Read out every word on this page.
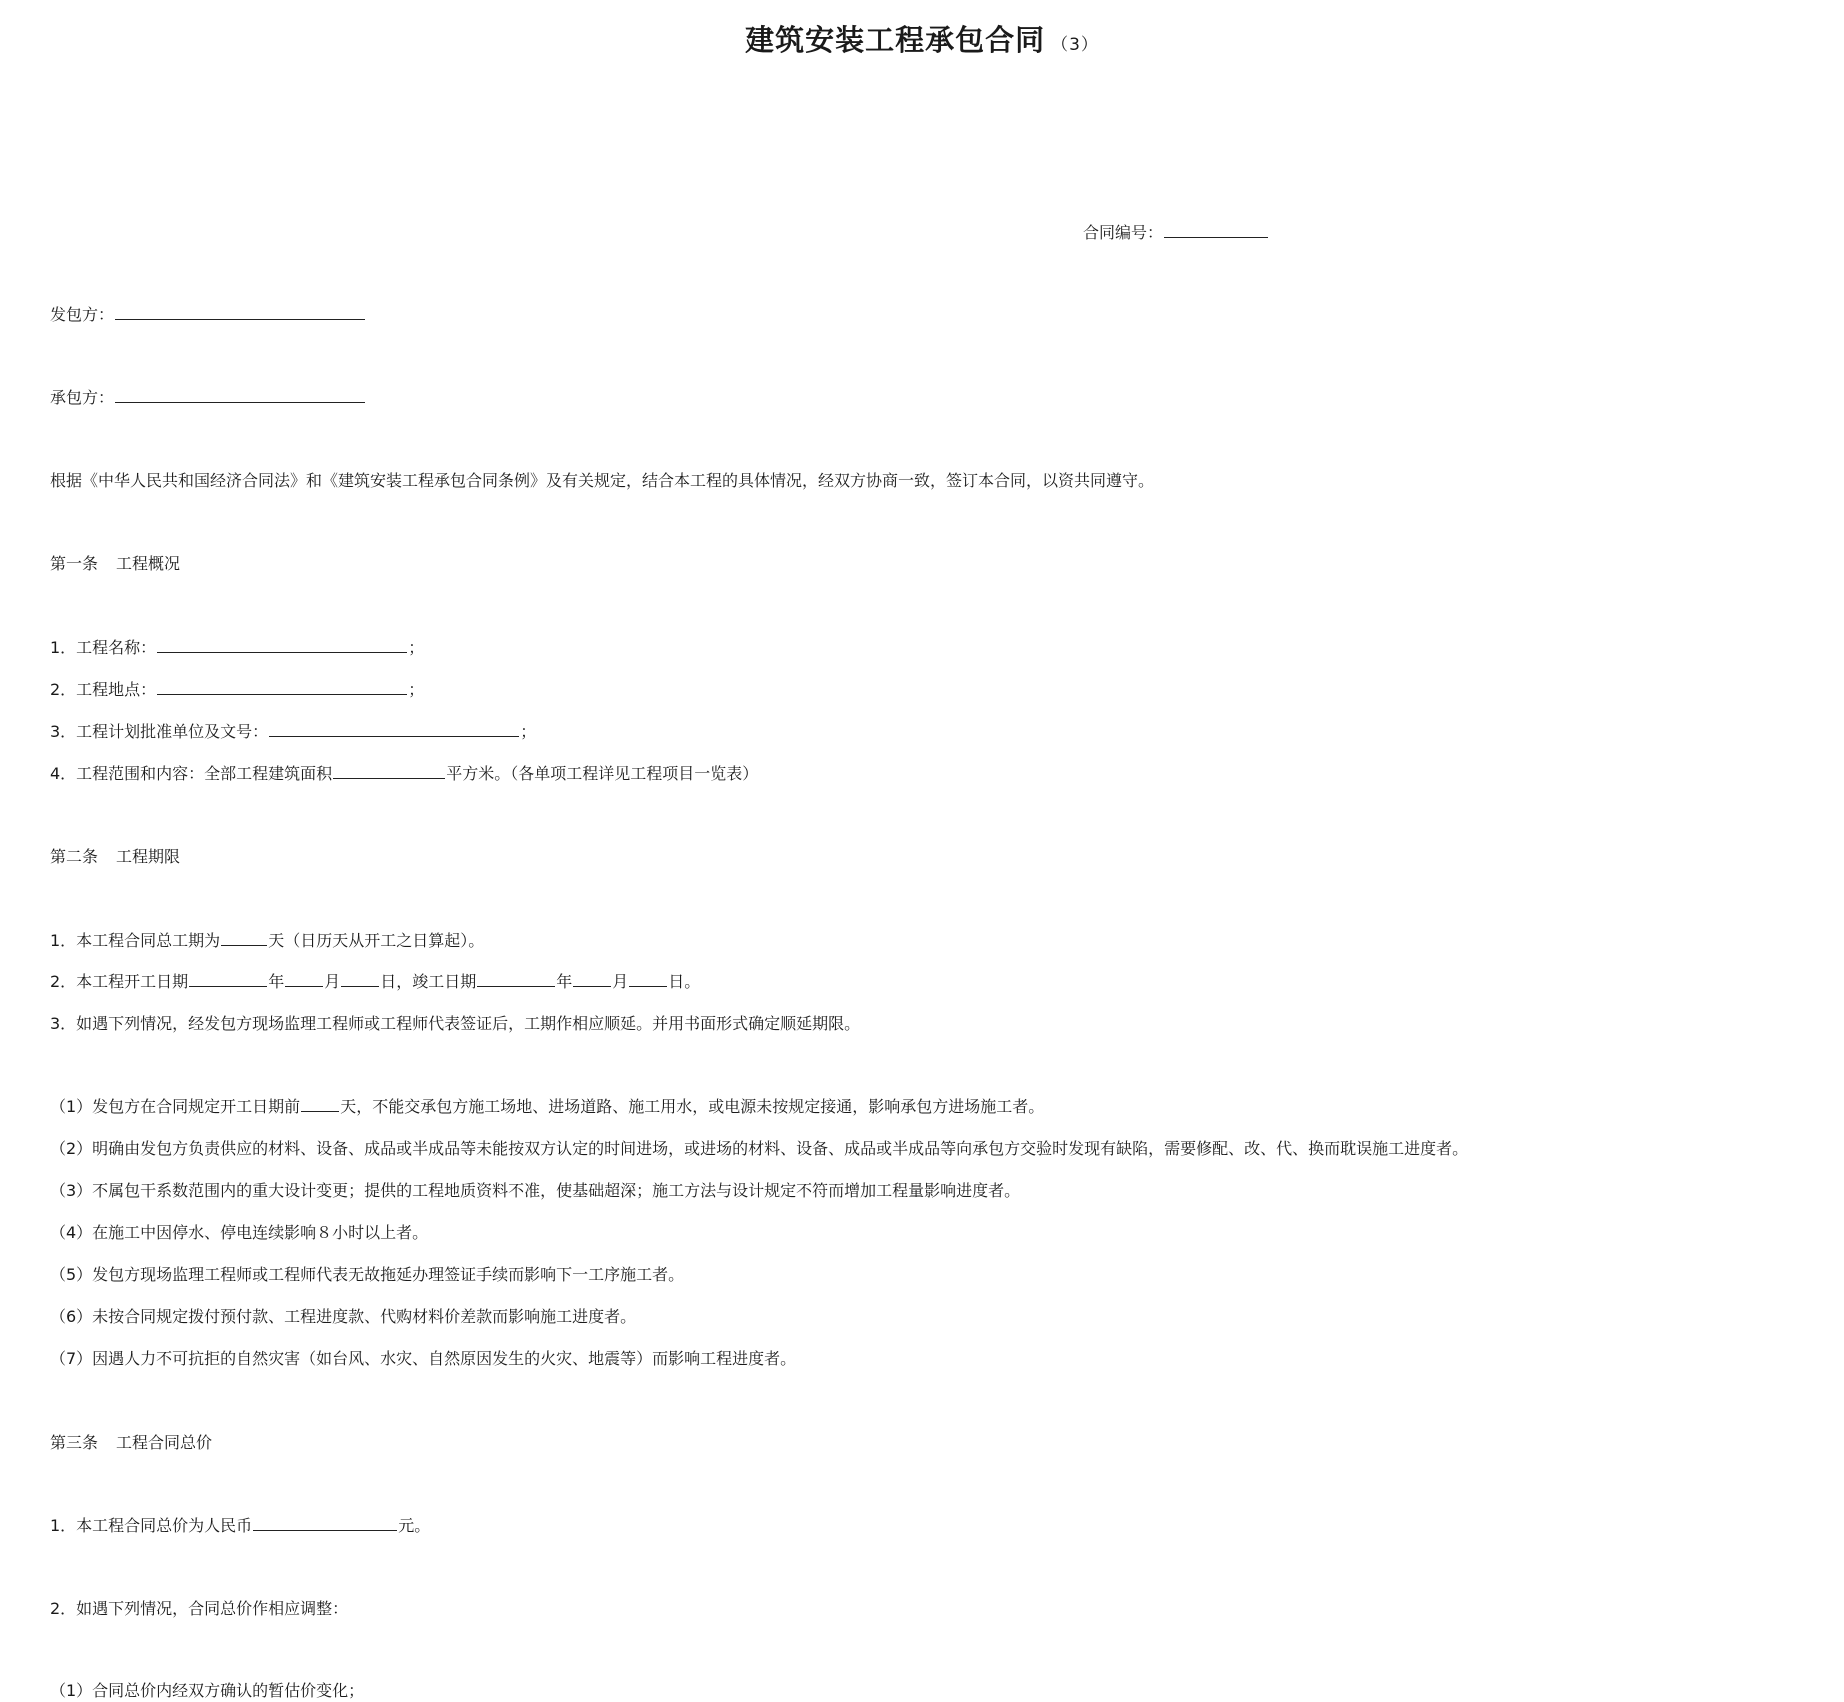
建筑安装工程承包合同 （3）
合同编号：
发包方：
承包方：
根据《中华人民共和国经济合同法》和《建筑安装工程承包合同条例》及有关规定，结合本工程的具体情况，经双方协商一致，签订本合同，以资共同遵守。
第一条 工程概况
1．工程名称：	；
2．工程地点：	；
3．工程计划批准单位及文号：	；
4．工程范围和内容：全部工程建筑面积	平方米。（各单项工程详见工程项目一览表）
第二条 工程期限
1．本工程合同总工期为	天（日历天从开工之日算起）。
2．本工程开工日期	年	月	日，竣工日期	年	月	日。
3．如遇下列情况，经发包方现场监理工程师或工程师代表签证后，工期作相应顺延。并用书面形式确定顺延期限。
（1）发包方在合同规定开工日期前	天，不能交承包方施工场地、进场道路、施工用水，或电源未按规定接通，影响承包方进场施工者。
（2）明确由发包方负责供应的材料、设备、成品或半成品等未能按双方认定的时间进场，或进场的材料、设备、成品或半成品等向承包方交验时发现有缺陷，需要修配、改、代、换而耽误施工进度者。
（3）不属包干系数范围内的重大设计变更；提供的工程地质资料不准，使基础超深；施工方法与设计规定不符而增加工程量影响进度者。
（4）在施工中因停水、停电连续影响８小时以上者。
（5）发包方现场监理工程师或工程师代表无故拖延办理签证手续而影响下一工序施工者。
（6）未按合同规定拨付预付款、工程进度款、代购材料价差款而影响施工进度者。
（7）因遇人力不可抗拒的自然灾害（如台风、水灾、自然原因发生的火灾、地震等）而影响工程进度者。
第三条 工程合同总价
1．本工程合同总价为人民币	元。
2．如遇下列情况，合同总价作相应调整：
（1）合同总价内经双方确认的暂估价变化；
